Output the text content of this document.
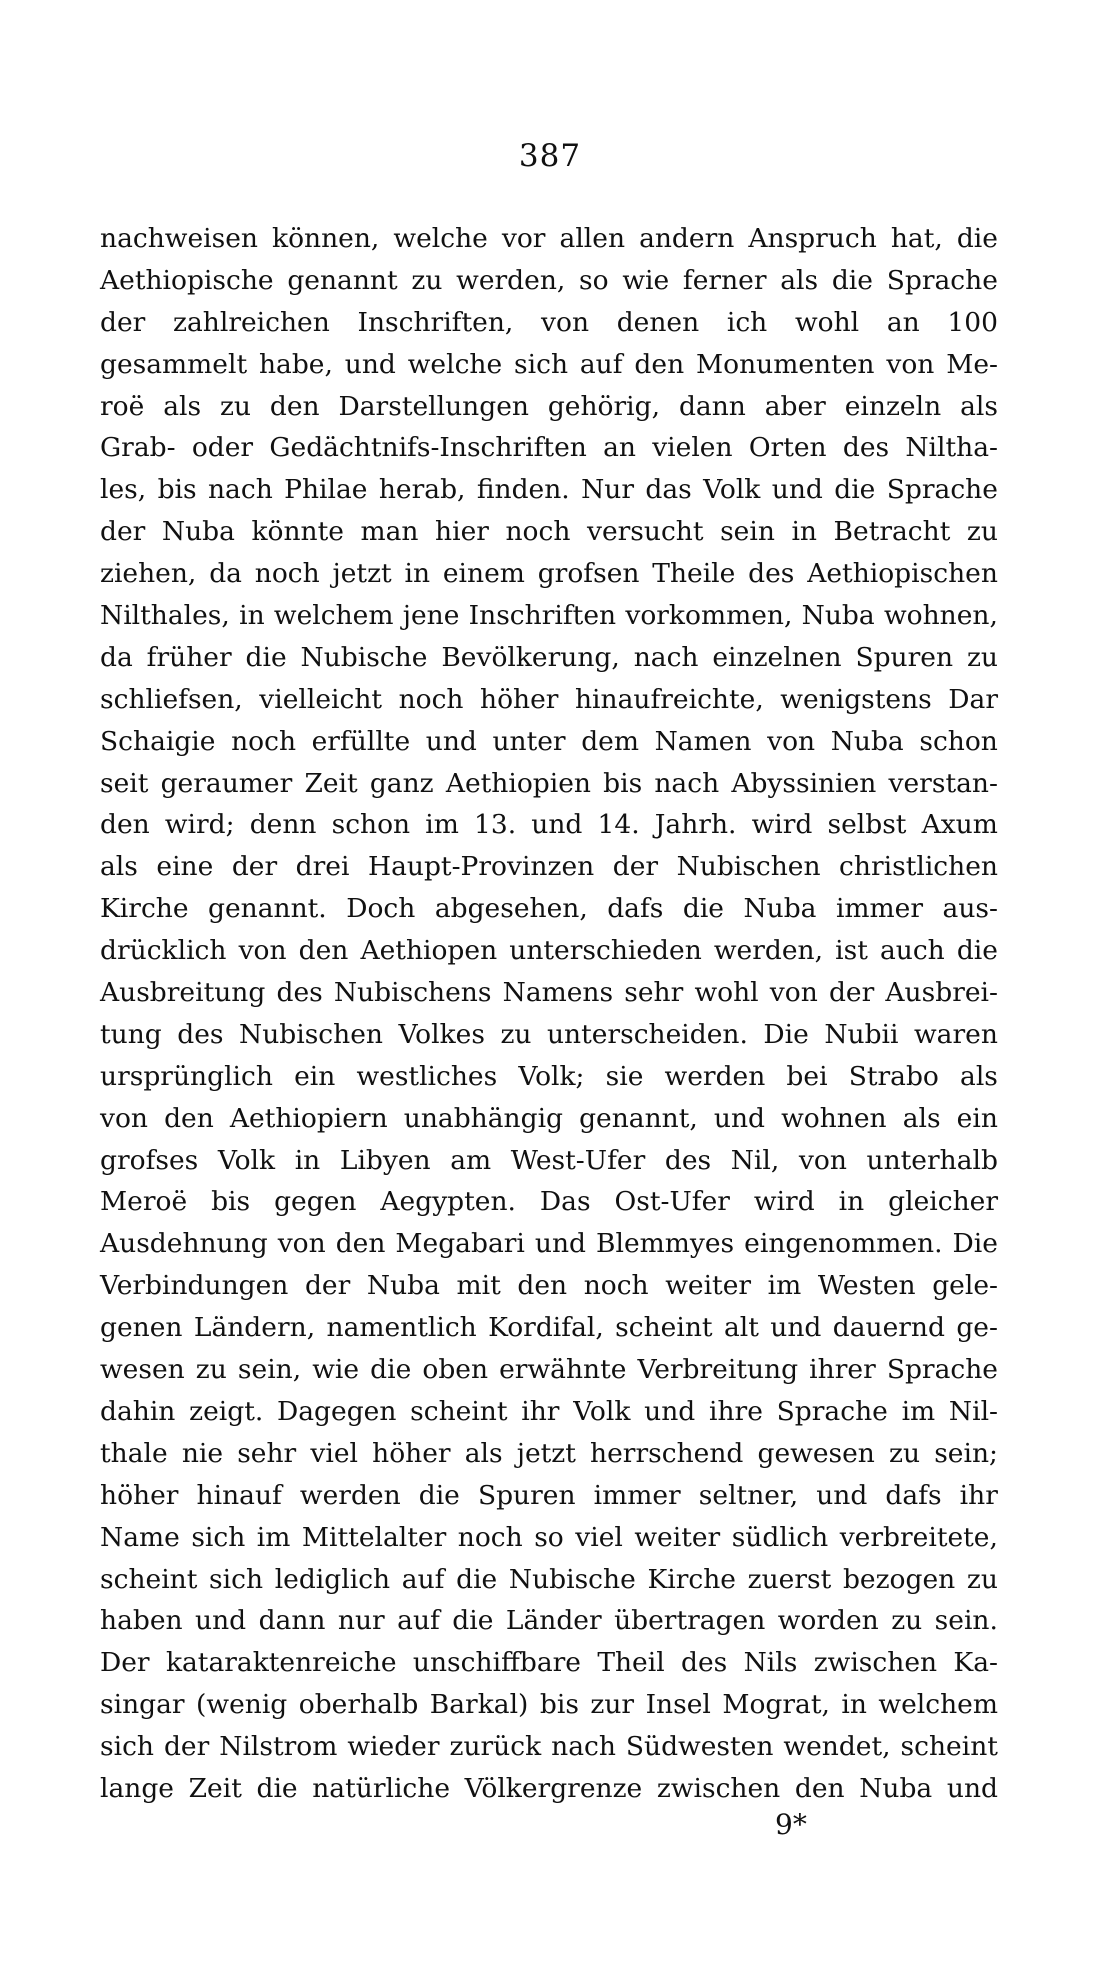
387
nachweisen können, welche vor allen andern Anspruch hat, die
Aethiopische genannt zu werden, so wie ferner als die Sprache
der zahlreichen Inschriften, von denen ich wohl an 100
gesammelt habe, und welche sich auf den Monumenten von Me-
roë als zu den Darstellungen gehörig, dann aber einzeln als
Grab- oder Gedächtnifs-Inschriften an vielen Orten des Niltha-
les, bis nach Philae herab, finden. Nur das Volk und die Sprache
der Nuba könnte man hier noch versucht sein in Betracht zu
ziehen, da noch jetzt in einem grofsen Theile des Aethiopischen
Nilthales, in welchem jene Inschriften vorkommen, Nuba wohnen,
da früher die Nubische Bevölkerung, nach einzelnen Spuren zu
schliefsen, vielleicht noch höher hinaufreichte, wenigstens Dar
Schaigie noch erfüllte und unter dem Namen von Nuba schon
seit geraumer Zeit ganz Aethiopien bis nach Abyssinien verstan-
den wird; denn schon im 13. und 14. Jahrh. wird selbst Axum
als eine der drei Haupt-Provinzen der Nubischen christlichen
Kirche genannt. Doch abgesehen, dafs die Nuba immer aus-
drücklich von den Aethiopen unterschieden werden, ist auch die
Ausbreitung des Nubischens Namens sehr wohl von der Ausbrei-
tung des Nubischen Volkes zu unterscheiden. Die Nubii waren
ursprünglich ein westliches Volk; sie werden bei Strabo als
von den Aethiopiern unabhängig genannt, und wohnen als ein
grofses Volk in Libyen am West-Ufer des Nil, von unterhalb
Meroë bis gegen Aegypten. Das Ost-Ufer wird in gleicher
Ausdehnung von den Megabari und Blemmyes eingenommen. Die
Verbindungen der Nuba mit den noch weiter im Westen gele-
genen Ländern, namentlich Kordifal, scheint alt und dauernd ge-
wesen zu sein, wie die oben erwähnte Verbreitung ihrer Sprache
dahin zeigt. Dagegen scheint ihr Volk und ihre Sprache im Nil-
thale nie sehr viel höher als jetzt herrschend gewesen zu sein;
höher hinauf werden die Spuren immer seltner, und dafs ihr
Name sich im Mittelalter noch so viel weiter südlich verbreitete,
scheint sich lediglich auf die Nubische Kirche zuerst bezogen zu
haben und dann nur auf die Länder übertragen worden zu sein.
Der kataraktenreiche unschiffbare Theil des Nils zwischen Ka-
singar (wenig oberhalb Barkal) bis zur Insel Mograt, in welchem
sich der Nilstrom wieder zurück nach Südwesten wendet, scheint
lange Zeit die natürliche Völkergrenze zwischen den Nuba und
9*
